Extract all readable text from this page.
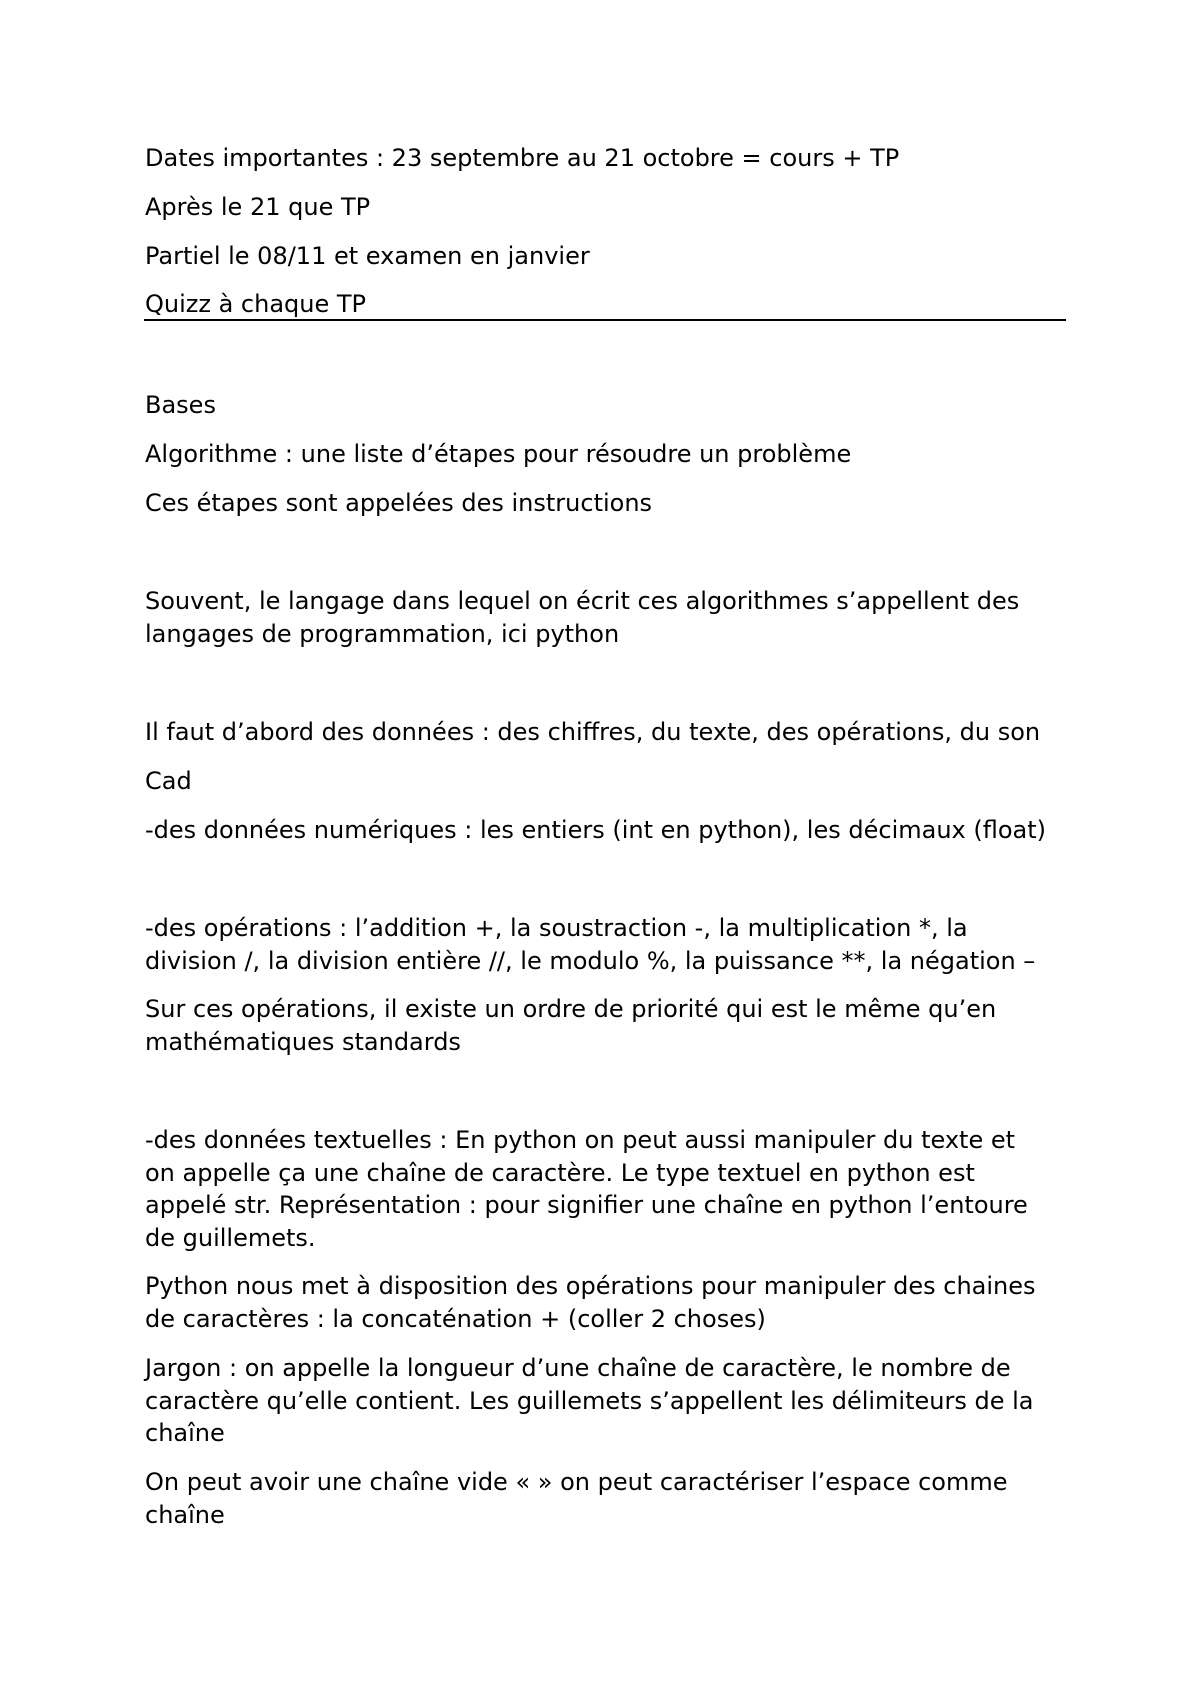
Dates importantes : 23 septembre au 21 octobre = cours + TP

Après le 21 que TP

Partiel le 08/11 et examen en janvier

Quizz à chaque TP

Bases

Algorithme : une liste d’étapes pour résoudre un problème

Ces étapes sont appelées des instructions

Souvent, le langage dans lequel on écrit ces algorithmes s’appellent des

langages de programmation, ici python

Il faut d’abord des données : des chiffres, du texte, des opérations, du son

Cad

-des données numériques : les entiers (int en python), les décimaux (float)

-des opérations : l’addition +, la soustraction -, la multiplication *, la

division /, la division entière //, le modulo %, la puissance **, la négation –

Sur ces opérations, il existe un ordre de priorité qui est le même qu’en

mathématiques standards

-des données textuelles : En python on peut aussi manipuler du texte et

on appelle ça une chaîne de caractère. Le type textuel en python est

appelé str. Représentation : pour signifier une chaîne en python l’entoure

de guillemets.

Python nous met à disposition des opérations pour manipuler des chaines

de caractères : la concaténation + (coller 2 choses)

Jargon : on appelle la longueur d’une chaîne de caractère, le nombre de

caractère qu’elle contient. Les guillemets s’appellent les délimiteurs de la

chaîne

On peut avoir une chaîne vide « » on peut caractériser l’espace comme

chaîne
